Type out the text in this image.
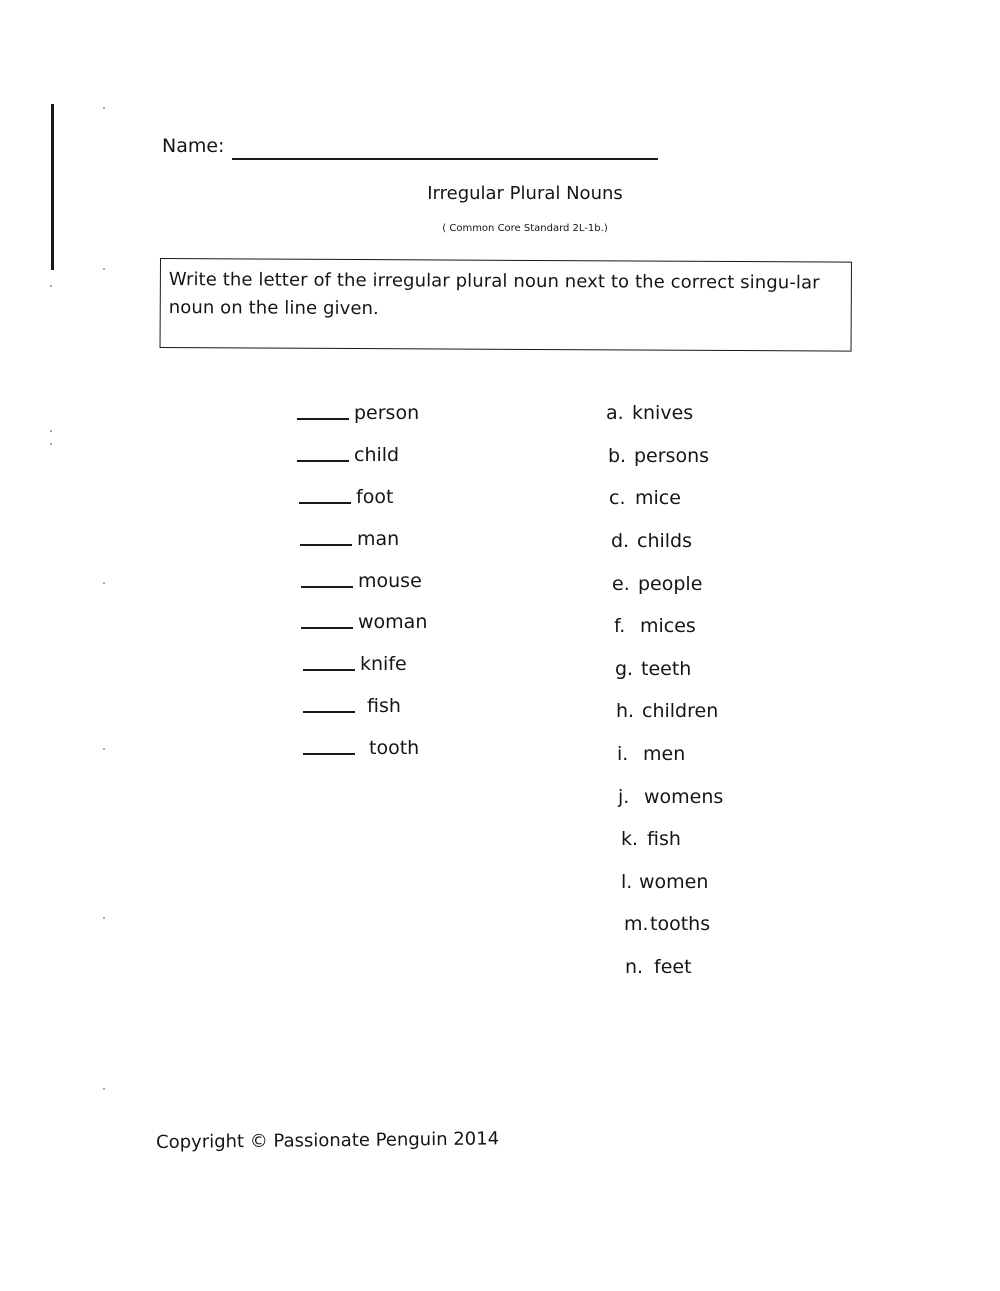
Name:
Irregular Plural Nouns
( Common Core Standard 2L-1b.)
Write the letter of the irregular plural noun next to the correct singu-lar noun on the line given.
person
child
foot
man
mouse
woman
knife
fish
tooth
a. knives
b. persons
c. mice
d. childs
e. people
f. mices
g. teeth
h. children
i. men
j. womens
k. fish
l. women
m. tooths
n. feet
Copyright © Passionate Penguin 2014
